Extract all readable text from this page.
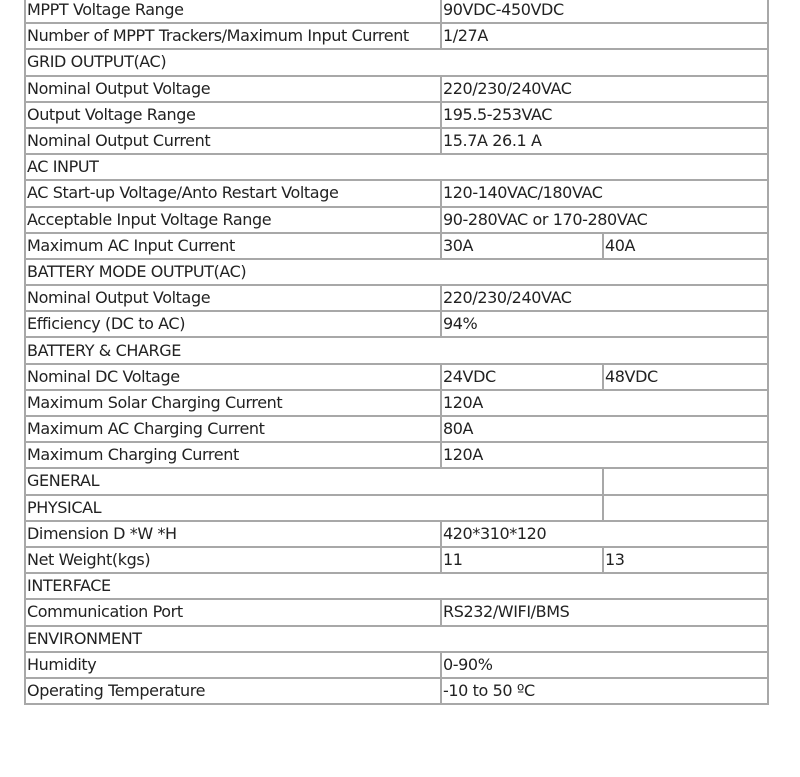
MPPT Voltage Range	90VDC-450VDC	
Number of MPPT Trackers/Maximum Input Current	1/27A	
GRID OUTPUT(AC)		
Nominal Output Voltage	220/230/240VAC	
Output Voltage Range	195.5-253VAC	
Nominal Output Current	15.7A 26.1 A	
AC INPUT		
AC Start-up Voltage/Anto Restart Voltage	120-140VAC/180VAC	
Acceptable Input Voltage Range	90-280VAC or 170-280VAC	
Maximum AC Input Current	30A	40A
BATTERY MODE OUTPUT(AC)		
Nominal Output Voltage	220/230/240VAC	
Efficiency (DC to AC)	94%	
BATTERY & CHARGE		
Nominal DC Voltage	24VDC	48VDC
Maximum Solar Charging Current	120A	
Maximum AC Charging Current	80A	
Maximum Charging Current	120A	
GENERAL		
PHYSICAL		
Dimension D *W *H	420*310*120	
Net Weight(kgs)	11	13
INTERFACE		
Communication Port	RS232/WIFI/BMS	
ENVIRONMENT		
Humidity	0-90%	
Operating Temperature	-10 to 50 ºC	
